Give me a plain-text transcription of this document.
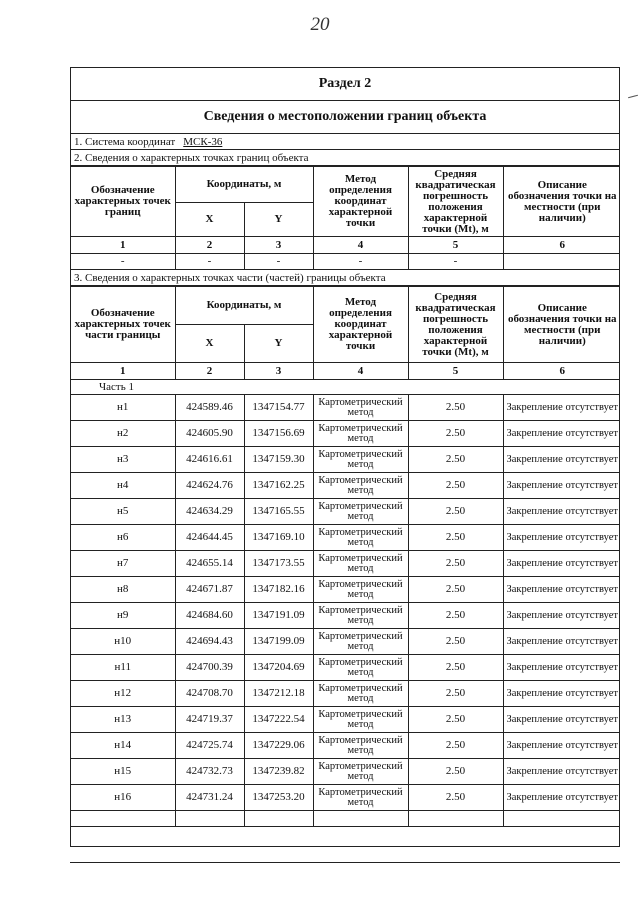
20
Раздел 2
Сведения о местоположении границ объекта
1. Система координат МСК-36
2. Сведения о характерных точках границ объекта
Обозначение характерных точек границ	Координаты, м		Метод определения координат характерной точки	Средняя квадратическая погрешность положения характерной точки (Mt), м	Описание обозначения точки на местности (при наличии)
	X	Y			
1	2	3	4	5	6
-	-	-	-	-	
3. Сведения о характерных точках части (частей) границы объекта
Обозначение характерных точек части границы	Координаты, м		Метод определения координат характерной точки	Средняя квадратическая погрешность положения характерной точки (Mt), м	Описание обозначения точки на местности (при наличии)
	X	Y			
1	2	3	4	5	6
Часть 1					
н1	424589.46	1347154.77	Картометрический метод	2.50	Закрепление отсутствует
н2	424605.90	1347156.69	Картометрический метод	2.50	Закрепление отсутствует
н3	424616.61	1347159.30	Картометрический метод	2.50	Закрепление отсутствует
н4	424624.76	1347162.25	Картометрический метод	2.50	Закрепление отсутствует
н5	424634.29	1347165.55	Картометрический метод	2.50	Закрепление отсутствует
н6	424644.45	1347169.10	Картометрический метод	2.50	Закрепление отсутствует
н7	424655.14	1347173.55	Картометрический метод	2.50	Закрепление отсутствует
н8	424671.87	1347182.16	Картометрический метод	2.50	Закрепление отсутствует
н9	424684.60	1347191.09	Картометрический метод	2.50	Закрепление отсутствует
н10	424694.43	1347199.09	Картометрический метод	2.50	Закрепление отсутствует
н11	424700.39	1347204.69	Картометрический метод	2.50	Закрепление отсутствует
н12	424708.70	1347212.18	Картометрический метод	2.50	Закрепление отсутствует
н13	424719.37	1347222.54	Картометрический метод	2.50	Закрепление отсутствует
н14	424725.74	1347229.06	Картометрический метод	2.50	Закрепление отсутствует
н15	424732.73	1347239.82	Картометрический метод	2.50	Закрепление отсутствует
н16	424731.24	1347253.20	Картометрический метод	2.50	Закрепление отсутствует
